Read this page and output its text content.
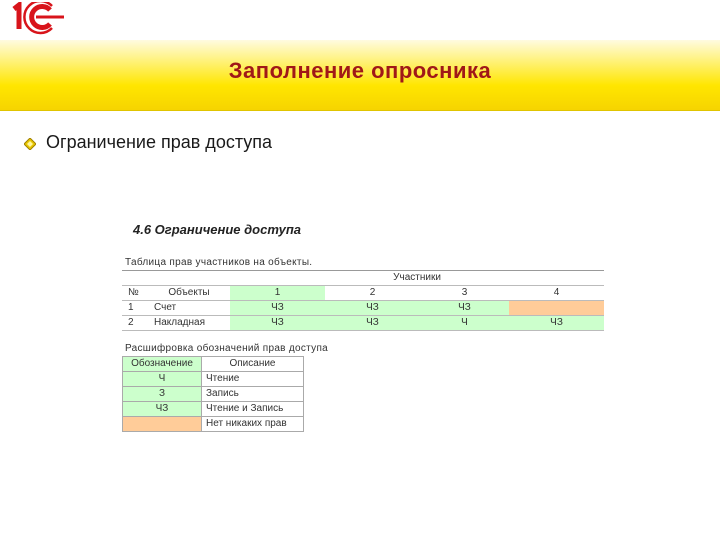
Заполнение опросника
Ограничение прав доступа
4.6 Ограничение доступа
Таблица прав участников на объекты.
		Участники			
№	Объекты	1	2	3	4
1	Счет	ЧЗ	ЧЗ	ЧЗ	
2	Накладная	ЧЗ	ЧЗ	Ч	ЧЗ
Расшифровка обозначений прав доступа
Обозначение	Описание
Ч	Чтение
З	Запись
ЧЗ	Чтение и Запись
	Нет никаких прав
